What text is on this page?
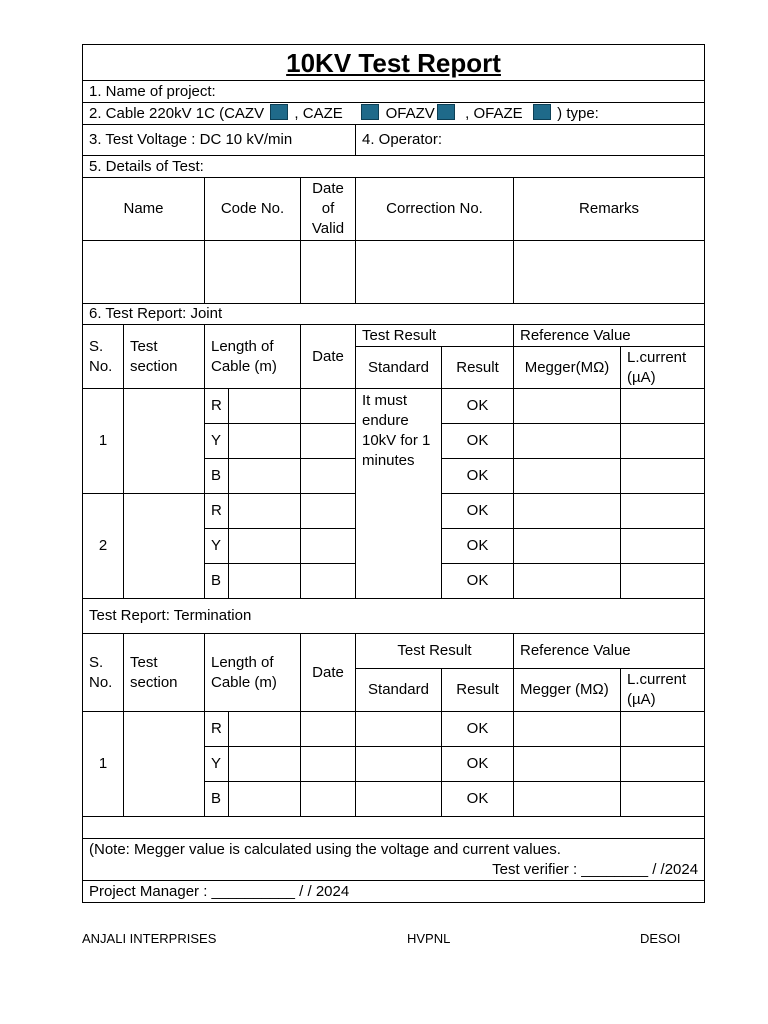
10KV Test Report								
1. Name of project:								
2. Cable 220kV 1C (CAZV , CAZE OFAZV , OFAZE ) type:								
3. Test Voltage : DC 10 kV/min					4. Operator:			
5. Details of Test:								
Name		Code No.		Date of Valid	Correction No.		Remarks	

6. Test Report: Joint								
S. No.	Test section	Length of Cable (m)		Date	Test Result		Reference Value	
					Standard	Result	Megger(MΩ)	L.current (µA)
1		R			It must endure 10kV for 1 minutes	OK		
		Y				OK		
		B				OK		
2		R				OK		
		Y				OK		
		B				OK		
Test Report: Termination								
S. No.	Test section	Length of Cable (m)		Date	Test Result		Reference Value	
					Standard	Result	Megger (MΩ)	L.current (µA)
1		R				OK		
		Y				OK		
		B				OK		

(Note: Megger value is calculated using the voltage and current values.
Test verifier : ________ / /2024								

Project Manager : __________ / / 2024								
ANJALI INTERPRISES	HVPNL	DESOI
